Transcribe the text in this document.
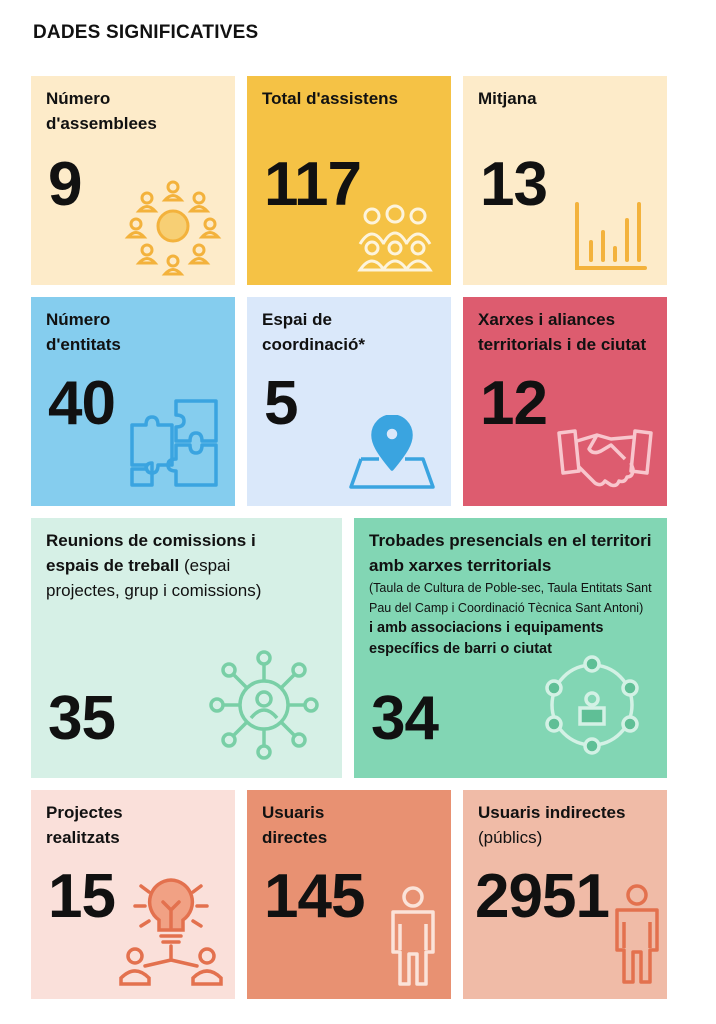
DADES SIGNIFICATIVES
Número d'assemblees
9
Total d'assistens
117
Mitjana
13
Número d'entitats
40
Espai de coordinació*
5
Xarxes i aliances territorials i de ciutat
12
Reunions de comissions i espais de treball (espai projectes, grup i comissions)
35
Trobades presencials en el territori amb xarxes territorials
(Taula de Cultura de Poble-sec, Taula Entitats Sant Pau del Camp i Coordinació Tècnica Sant Antoni)
i amb associacions i equipaments específics de barri o ciutat
34
Projectes realitzats
15
Usuaris directes
145
Usuaris indirectes (públics)
2951
